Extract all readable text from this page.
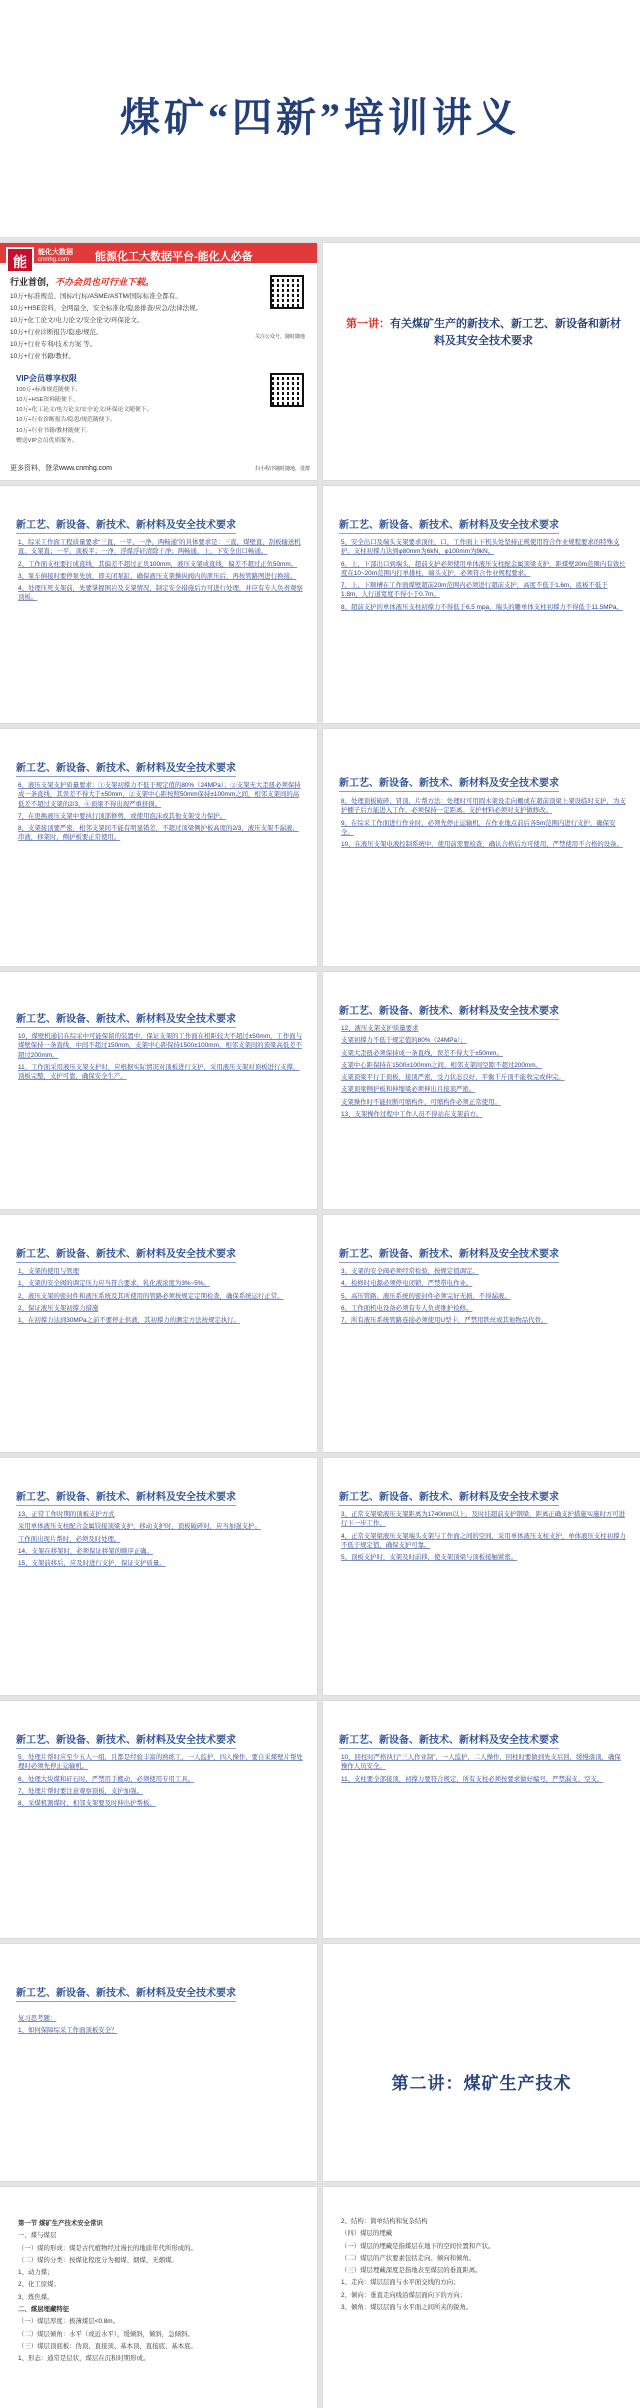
煤矿“四新”培训讲义
能
能化大数据
cnmhg.com 能源化工大数据平台-能化人必备
行业首创，不办会员也可行业下载。
10万+标准规范、国标/行标/ASME/ASTM/国际标准全都有。
10万+HSE资料，全网最全，安全标准化/隐患排查/应急/法律法规。
10万+化工论文/电力论文/安全论文/环保论文。
10万+行业诊断报告/隐患/规范。
10万+行业专利/技术方案 等。
10万+行业书籍/教材。
关注公众号，随时随地
VIP会员尊享权限
100万+标准规范随便下。
10万+HSE资料随便下。
10万+化工论文/电力论文/安全论文/环保论文随便下。
10万+行业诊断报告/隐患/规范随便下。
10万+行业书籍/教材随便下。
赠送VIP会员优质服务。
扫小程序随时随地，进群
更多资料，登录www.cnmhg.com
第一讲：有关煤矿生产的新技术、新工艺、新设备和新材料及其安全技术要求
新工艺、新设备、新技术、新材料及安全技术要求

1、综采工作面工程质量要求“三直、一平、一净、两畅通”的具体要求是：三直，煤壁直、刮板输送机直、支架直；一平，顶板平；一净，浮煤浮矸清除干净；两畅通，上、下安全出口畅通。

2、工作面支柱要打成直线，其偏差不超过正负100mm，液压支架成直线，偏差不超过正负50mm。

3、泵车倒接时要停泵先放，即关闭泵缸，确保液压支架操纵阀内的泄压后，再按管路图进行换接。

4、处理压死支架前，先要掌握围岩及支架情况，制定安全措施后方可进行处理，并应有专人负责观察顶板。

新工艺、新设备、新技术、新材料及安全技术要求

5、安全出口及端头支架要求顶住，口，工作面上下机头处坚持正规使用符合作业规程要求的特殊支护。支柱初撑力达到φ80mm为6kN，φ100mm为9kN。

6、上、下部出口到端头，超前支护必须使用单体液压支柱配金属顶梁支护，距煤壁20m范围内有效长度在10~20m范围内打单排柱，端头支护，必须符合作业规程要求。

7、上、下顺槽在工作面煤壁超前20m范围内必须进行超前支护，高度不低于1.6m，底板不低于1.8m，人行道宽度不得小于0.7m。

8、超前支护的单体液压支柱初撑力不得低于6.5 mpa，端头的雕单体支柱初撑力不得低于11.5MPa。

新工艺、新设备、新技术、新材料及安全技术要求

6、液压支架支护质量要求：①支架初撑力不低于规定值的80%（24MPa）；②支架无大歪扭必须保持成一条直线，其误差不得大于±50mm，②支架中心距按照50mm保持±100mm之间，相邻支架间的高低差不超过支架的2/3，④顶梁不得出现严重挤损。

7、在更换液压支架中要执行顶部修剪，或使用泡沫或其他支架受力保护。

8、支架接顶要严密，相邻支架间不能有明显错差，不超过顶梁侧护板高度的2/3，液压支架不漏液、串液，移架时，侧护板要正常使用。

新工艺、新设备、新技术、新材料及安全技术要求

8、处理顶板破碎、冒顶、片帮方法：处理时可用圆木架设走向棚或在超前顶梁上架设临时支护，为支护棚子后方能进入工作，必须保持一定距离。支护材料必须对支护做修改。

9、在综采工作面进行作业时，必须先停止运输机，在作业地点前后各5m范围内进行支护，确保安全。

10、在液压支架电液控制系统中，使用前需要检查，确认合格后方可使用，严禁使用不合格的设备。

新工艺、新设备、新技术、新材料及安全技术要求

10、煤壁机通信在综采中可能保留的装置中，保证支架的工作面在相距较大不超过±50mm，工作面与煤壁保持一条直线，中间不超过150mm，支架中心距保持1500±100mm，相邻支架间的顶梁高低差不超过200mm。

11、工作面采用液压支架支护时，应根据实际情况对顶板进行支护，采用液压支架对顶板进行支撑，顶板完整，支护可靠，确保安全生产。

新工艺、新设备、新技术、新材料及安全技术要求

12、液压支架支护质量要求

支架初撑力不低于规定值的80%（24MPa）；

支架大歪扭必须保持成一条直线，误差不得大于±50mm。

支架中心距保持在1500±100mm之间，相邻支架间空隙不超过200mm。

支架顶梁平行于顶板，接顶严密，受力状态良好，平衡千斤顶不能收完或伸完。

支架顶梁侧护板和伸缩梁必须伸出且接顶严密。

支架操作时不能拉断可缩构件，可缩构件必须正常使用。

13、支架操作过程中工作人员不得站在支架前方。

新工艺、新设备、新技术、新材料及安全技术要求

1、支架的使用与管理

1、支架的安全阀的调定压力应当符合要求，乳化液浓度为3%~5%。

2、液压支架的密封件和液压系统及其所使用的管路必须按规定定期检查，确保系统运行正常。

2、保证液压支架初撑力措施

1、在初撑力达到30MPa之前不要停止供液，其初撑力的测定方法按规定执行。

新工艺、新设备、新技术、新材料及安全技术要求

3、支架的安全阀必须经常检验，按规定值调定。

4、检修时电源必须停电闭锁，严禁带电作业。

5、高压管路、液压系统的密封件必须完好无损，不得漏液。

6、工作面机电设备必须有专人负责维护检修。

7、所有液压系统管路连接必须使用U型卡，严禁用铁丝或其他物品代替。

新工艺、新设备、新技术、新材料及安全技术要求

13、正常工作时期的顶板支护方式

采用单体液压支柱配合金属铰接顶梁支护，移动支护时，顶板破碎时，应当加强支护。

工作面出现片帮时，必须及时处理。

14、支架在移架时，必须保证移架的顺序正确。

15、支架前移后，应及时进行支护，保证支护质量。

新工艺、新设备、新技术、新材料及安全技术要求

3、正常支架梁液压支架距离为1740mm以上，及时挂超前支护钢梁，距离正确支护措施实施时方可进行下一步工作。

4、正常支架梁液压支架端头支架与工作面之间的空间，采用单体液压支柱支护，单体液压支柱初撑力不低于规定值，确保支护可靠。

5、顶板支护时，支架及时前移，使支架顶梁与顶板接触紧密。

新工艺、新设备、新技术、新材料及安全技术要求

5、处理片帮时应至少五人一组，且都是经验丰富的熟练工，一人监护，四人操作，要自采煤壁片帮处理时必须先停止运输机。

6、处理大块煤和矸石时，严禁用手搬动，必须使用专用工具。

7、处理片帮时要注意观察顶板，支护加强。

8、采煤机割煤时，相邻支架要及时伸出护帮板。

新工艺、新设备、新技术、新材料及安全技术要求

10、回柱时严格执行“三人作业制”，一人监护，二人操作，回柱时要做到先支后回，缓慢落顶，确保操作人员安全。

11、支柱要全部接顶，初撑力要符合规定，所有支柱必须按要求做好编号，严禁漏支、空支。

新工艺、新设备、新技术、新材料及安全技术要求

复习思考题：

1、如何保障综采工作面顶板安全？

第二讲：煤矿生产技术

第一节 煤矿生产技术安全常识

一、煤与煤层

（一）煤的形成：煤是古代植物经过漫长的地质年代所形成的。

（二）煤的分类：按煤化程度分为褐煤、烟煤、无烟煤。

1、动力煤；

2、化工原煤；

3、炼焦煤。

二、煤层埋藏特征

（一）煤层厚度：极薄煤层<0.8m。

（二）煤层倾角：水平（或近水平），缓倾斜，倾斜，急倾斜。

（三）煤层顶底板：伪顶、直接顶、基本顶、直接底、基本底。

1、形态：通常是层状，煤层在沉积时期形成。

2、结构：简单结构和复杂结构

（四）煤层的埋藏

（一）煤层的埋藏是指煤层在地下的空间位置和产状。

（二）煤层的产状要素包括走向、倾向和倾角。

（三）煤层埋藏深度是指地表至煤层的垂直距离。

1、走向：煤层层面与水平面交线的方向；

2、倾向：垂直走向线沿煤层面向下的方向；

3、倾角：煤层层面与水平面之间所夹的锐角。
